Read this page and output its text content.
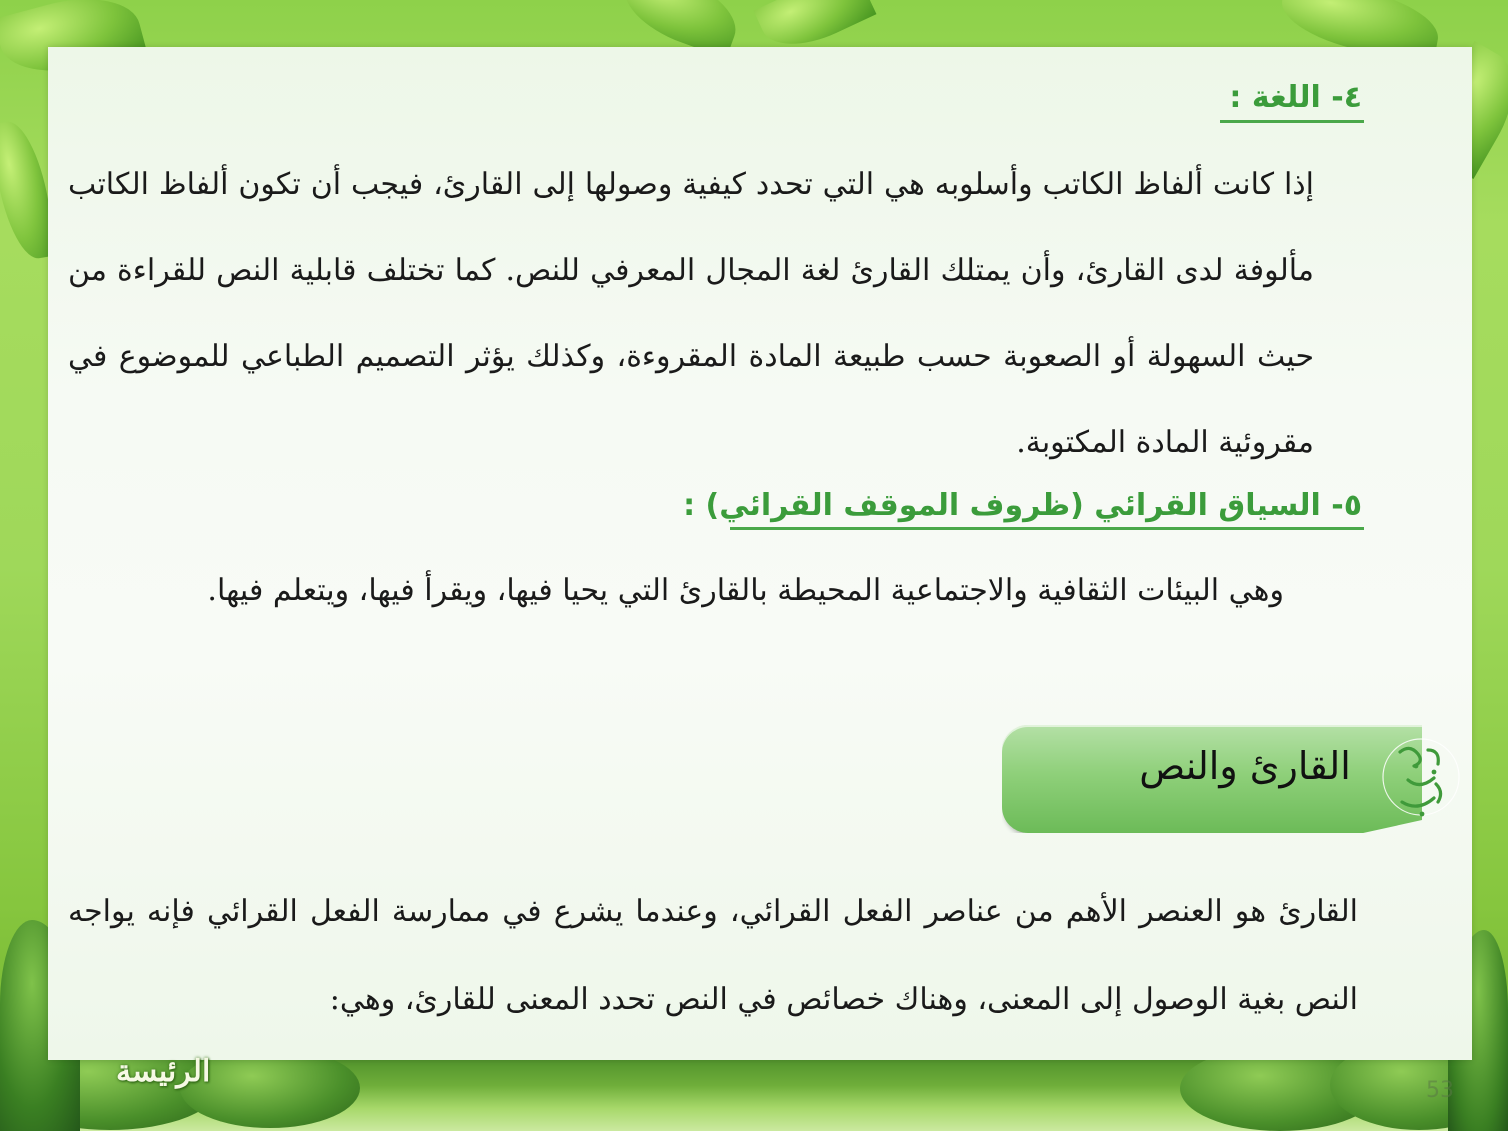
٤- اللغة :
إذا كانت ألفاظ الكاتب وأسلوبه هي التي تحدد كيفية وصولها إلى القارئ، فيجب أن تكون ألفاظ الكاتب مألوفة لدى القارئ، وأن يمتلك القارئ لغة المجال المعرفي للنص. كما تختلف قابلية النص للقراءة من حيث السهولة أو الصعوبة حسب طبيعة المادة المقروءة، وكذلك يؤثر التصميم الطباعي للموضوع في مقروئية المادة المكتوبة.
٥- السياق القرائي (ظروف الموقف القرائي) :
وهي البيئات الثقافية والاجتماعية المحيطة بالقارئ التي يحيا فيها، ويقرأ فيها، ويتعلم فيها.
القارئ والنص
القارئ هو العنصر الأهم من عناصر الفعل القرائي، وعندما يشرع في ممارسة الفعل القرائي فإنه يواجه النص بغية الوصول إلى المعنى، وهناك خصائص في النص تحدد المعنى للقارئ، وهي:
الرئيسة
53
